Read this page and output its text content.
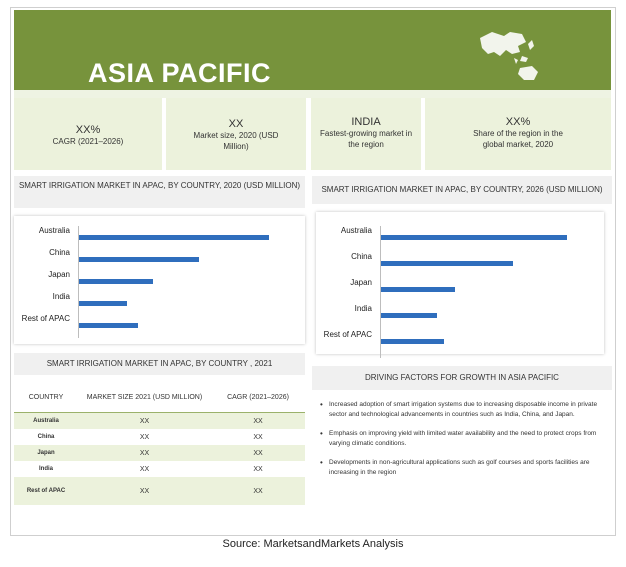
ASIA PACIFIC
XX%
CAGR (2021–2026)
XX
Market size, 2020 (USD Million)
INDIA
Fastest-growing market in the region
XX%
Share of the region in the global market, 2020
SMART IRRIGATION MARKET IN APAC, BY COUNTRY, 2020 (USD MILLION)	SMART IRRIGATION MARKET IN APAC, BY COUNTRY, 2026 (USD MILLION)
Australia
China
Japan
India
Rest of APAC
Australia
China
Japan
India
Rest of APAC
SMART IRRIGATION MARKET IN APAC, BY COUNTRY , 2021
COUNTRY	MARKET SIZE 2021 (USD MILLION)	CAGR (2021–2026)
Australia	XX	XX
China	XX	XX
Japan	XX	XX
India	XX	XX
Rest of APAC	XX	XX
DRIVING FACTORS FOR GROWTH IN ASIA PACIFIC
• Increased adoption of smart irrigation systems due to increasing disposable income in private sector and technological advancements in countries such as India, China, and Japan.
• Emphasis on improving yield with limited water availability and the need to protect crops from varying climatic conditions.
• Developments in non-agricultural applications such as golf courses and sports facilities are increasing in the region
Source: MarketsandMarkets Analysis
